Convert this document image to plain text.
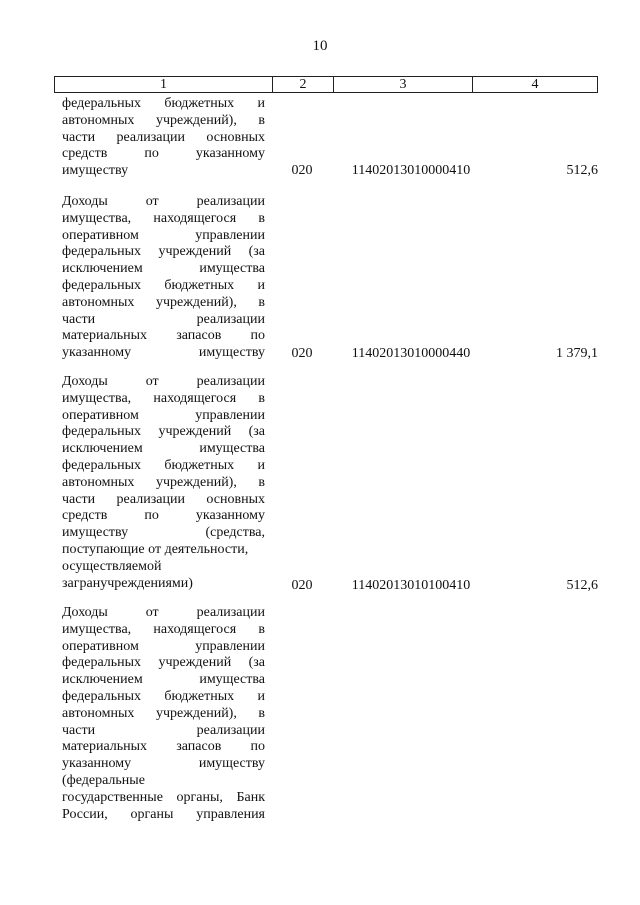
10
1	2	3	4
федеральных бюджетных и
автономных учреждений), в
части реализации основных
средств по указанному
имуществу	020	11402013010000410	512,6
Доходы от реализации
имущества, находящегося в
оперативном управлении
федеральных учреждений (за
исключением имущества
федеральных бюджетных и
автономных учреждений), в
части реализации
материальных запасов по
указанному имуществу	020	11402013010000440	1 379,1
Доходы от реализации
имущества, находящегося в
оперативном управлении
федеральных учреждений (за
исключением имущества
федеральных бюджетных и
автономных учреждений), в
части реализации основных
средств по указанному
имуществу (средства,
поступающие от деятельности,
осуществляемой
загранучреждениями)	020	11402013010100410	512,6
Доходы от реализации
имущества, находящегося в
оперативном управлении
федеральных учреждений (за
исключением имущества
федеральных бюджетных и
автономных учреждений), в
части реализации
материальных запасов по
указанному имуществу
(федеральные
государственные органы, Банк
России, органы управления
